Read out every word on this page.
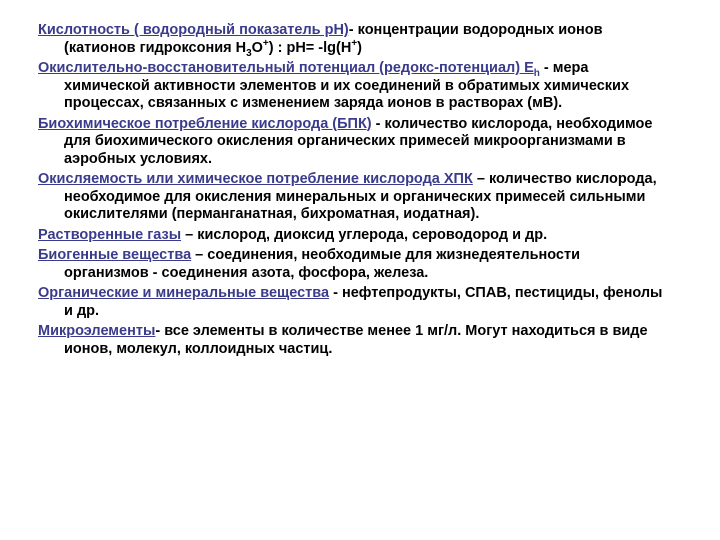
Кислотность ( водородный показатель pH)- концентрации водородных ионов (катионов гидроксония $H_3O^+$) : pH= -lg(H+)
Окислительно-восстановительный потенциал (редокс-потенциал) $E_h$ - мера химической активности элементов и их соединений в обратимых химических процессах, связанных с изменением заряда ионов в растворах (мВ).
Биохимическое потребление кислорода (БПК) - количество кислорода, необходимое для биохимического окисления органических примесей микроорганизмами в аэробных условиях.
Окисляемость или химическое потребление кислорода ХПК – количество кислорода, необходимое для окисления минеральных и органических примесей сильными окислителями (перманганатная, бихроматная, иодатная).
Растворенные газы – кислород, диоксид углерода, сероводород и др.
Биогенные вещества – соединения, необходимые для жизнедеятельности организмов - соединения азота, фосфора, железа.
Органические и минеральные вещества - нефтепродукты, СПАВ, пестициды, фенолы и др.
Микроэлементы- все элементы в количестве менее 1 мг/л. Могут находиться в виде ионов, молекул, коллоидных частиц.
